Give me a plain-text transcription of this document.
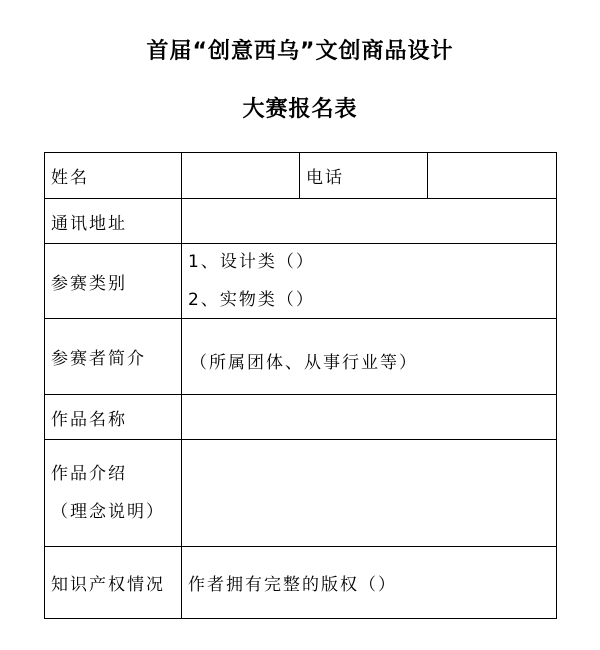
首届“创意西乌”文创商品设计
大赛报名表
姓名		电话	
通讯地址			
参赛类别	1、设计类（）
2、实物类（）		

参赛者简介	（所属团体、从事行业等）		

作品名称			

作品介绍
（理念说明）			

知识产权情况	作者拥有完整的版权（）		
